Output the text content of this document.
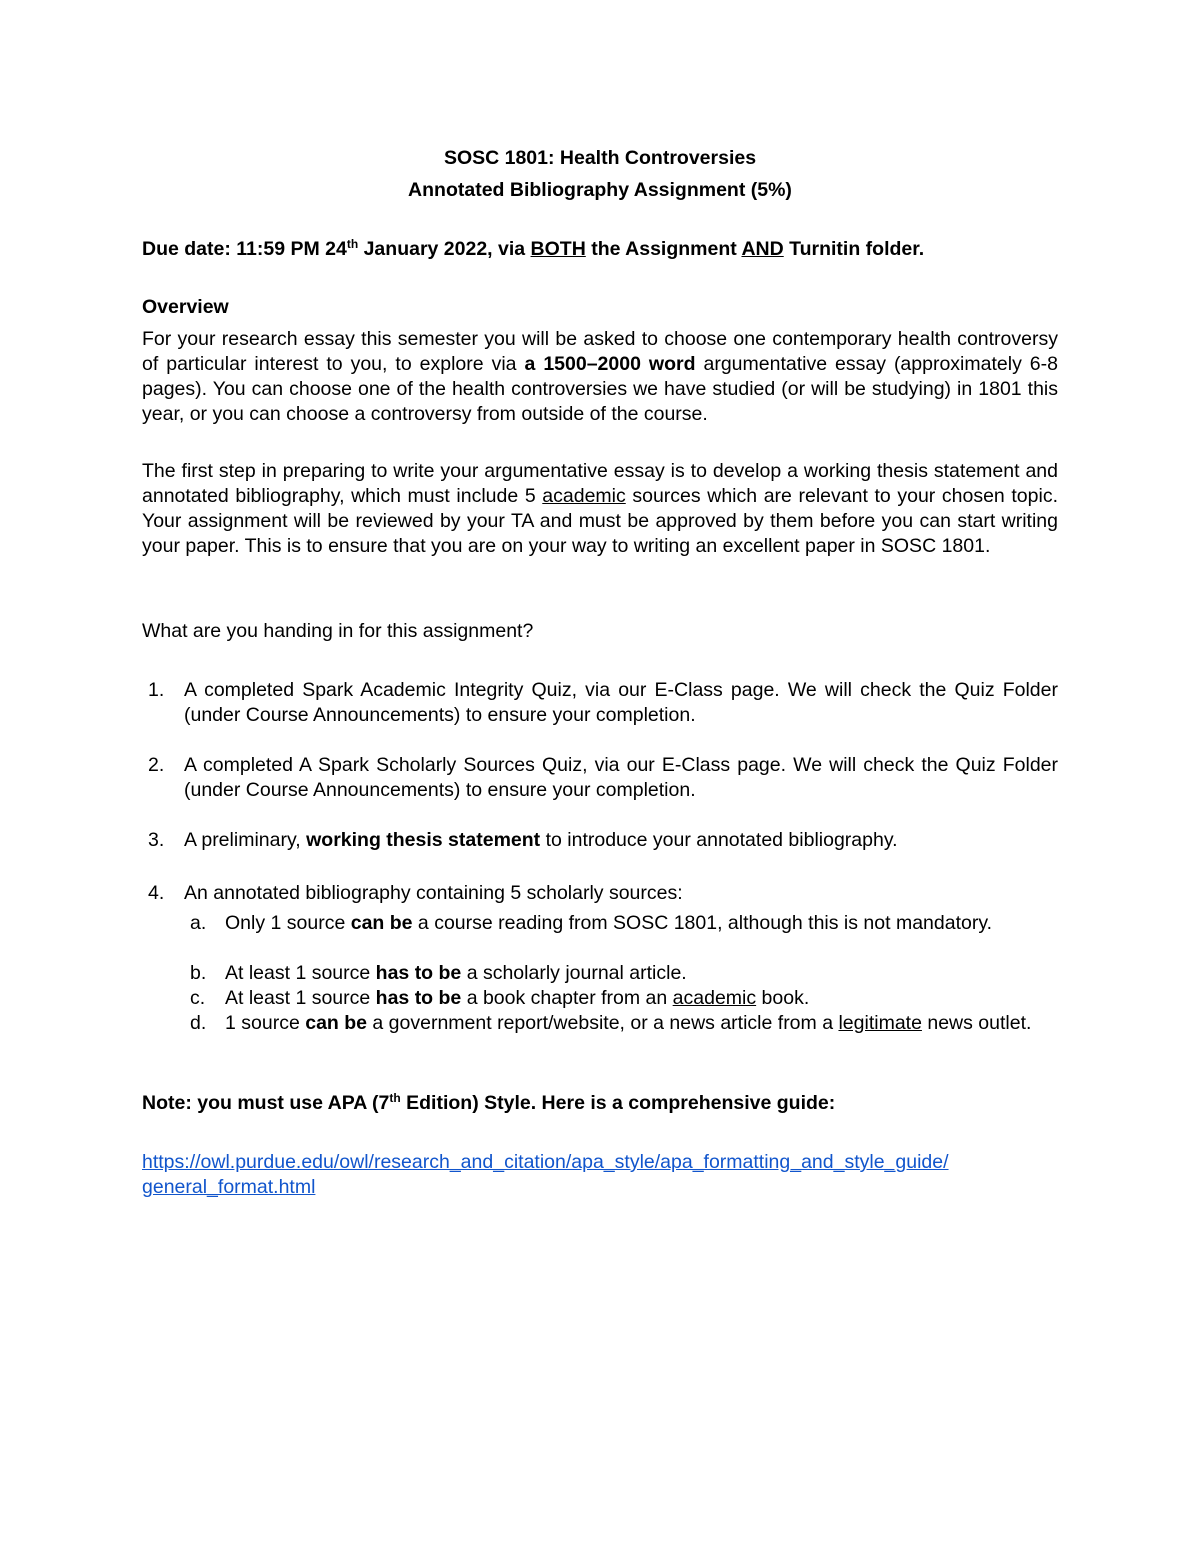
SOSC 1801: Health Controversies
Annotated Bibliography Assignment (5%)
Due date: 11:59 PM 24th January 2022, via BOTH the Assignment AND Turnitin folder.
Overview
For your research essay this semester you will be asked to choose one contemporary health controversy of particular interest to you, to explore via a 1500–2000 word argumentative essay (approximately 6-8 pages). You can choose one of the health controversies we have studied (or will be studying) in 1801 this year, or you can choose a controversy from outside of the course.
The first step in preparing to write your argumentative essay is to develop a working thesis statement and annotated bibliography, which must include 5 academic sources which are relevant to your chosen topic. Your assignment will be reviewed by your TA and must be approved by them before you can start writing your paper. This is to ensure that you are on your way to writing an excellent paper in SOSC 1801.
What are you handing in for this assignment?
1. A completed Spark Academic Integrity Quiz, via our E-Class page. We will check the Quiz Folder (under Course Announcements) to ensure your completion.
2. A completed A Spark Scholarly Sources Quiz, via our E-Class page. We will check the Quiz Folder (under Course Announcements) to ensure your completion.
3. A preliminary, working thesis statement to introduce your annotated bibliography.
4. An annotated bibliography containing 5 scholarly sources:
a. Only 1 source can be a course reading from SOSC 1801, although this is not mandatory.
b. At least 1 source has to be a scholarly journal article.
c. At least 1 source has to be a book chapter from an academic book.
d. 1 source can be a government report/website, or a news article from a legitimate news outlet.
Note: you must use APA (7th Edition) Style. Here is a comprehensive guide:
https://owl.purdue.edu/owl/research_and_citation/apa_style/apa_formatting_and_style_guide/
general_format.html
